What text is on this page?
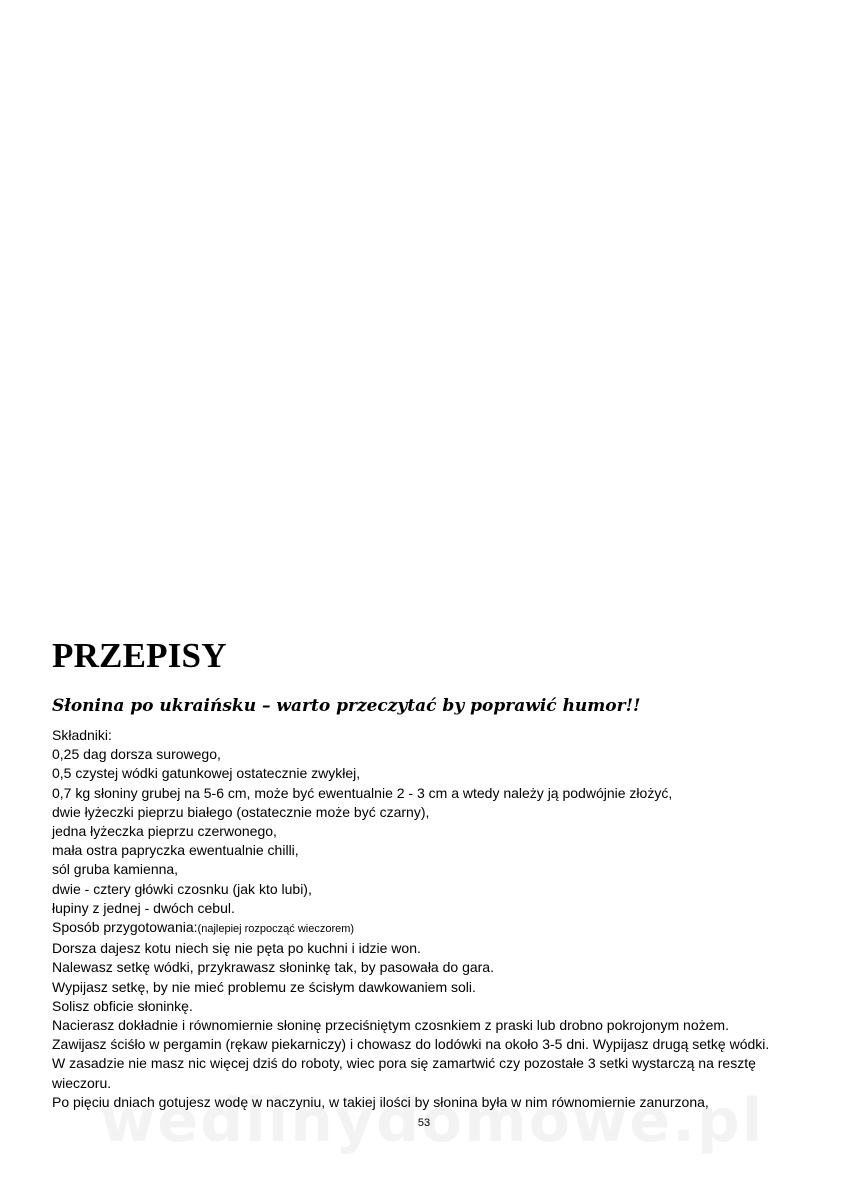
PRZEPISY
Słonina po ukraińsku – warto przeczytać by poprawić humor!!
Składniki:
0,25 dag dorsza surowego,
0,5 czystej wódki gatunkowej ostatecznie zwykłej,
0,7 kg słoniny grubej na 5-6 cm, może być ewentualnie 2 - 3 cm a wtedy należy ją podwójnie złożyć,
dwie łyżeczki pieprzu białego (ostatecznie może być czarny),
jedna łyżeczka pieprzu czerwonego,
mała ostra papryczka ewentualnie chilli,
sól gruba kamienna,
dwie - cztery główki czosnku (jak kto lubi),
łupiny z jednej - dwóch cebul.
Sposób przygotowania:(najlepiej rozpocząć wieczorem)
Dorsza dajesz kotu niech się nie pęta po kuchni i idzie won.
Nalewasz setkę wódki, przykrawasz słoninkę tak, by pasowała do gara.
Wypijasz setkę, by nie mieć problemu ze ścisłym dawkowaniem soli.
Solisz obficie słoninkę.
Nacierasz dokładnie i równomiernie słoninę przeciśniętym czosnkiem z praski lub drobno pokrojonym nożem.
Zawijasz ściśło w pergamin (rękaw piekarniczy) i chowasz do lodówki na około 3-5 dni. Wypijasz drugą setkę wódki.
W zasadzie nie masz nic więcej dziś do roboty, wiec pora się zamartwić czy pozostałe 3 setki wystarczą na resztę wieczoru.
Po pięciu dniach gotujesz wodę w naczyniu, w takiej ilości by słonina była w nim równomiernie zanurzona,
53
